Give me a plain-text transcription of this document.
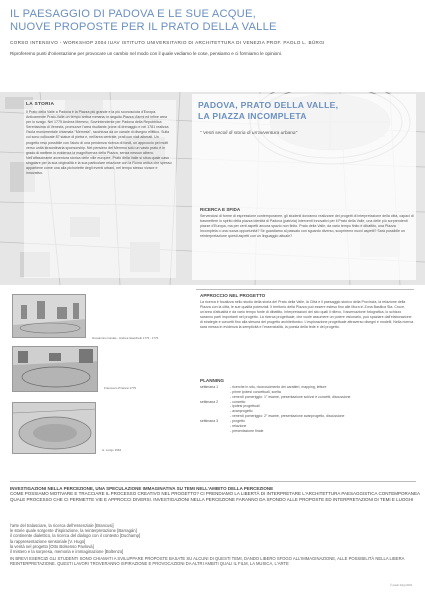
IL PAESAGGIO DI PADOVA E LE SUE ACQUE,
NUOVE PROPOSTE PER IL PRATO DELLA VALLE
CORSO INTENSIVO - WORKSHOP 2004 IUAV ISTITUTO UNIVERSITARIO DI ARCHITETTURA DI VENEZIA PROF. PAOLO L. BÜRGI
Riproferemo punti d'orientazione per provocare un cambio nel modo con il quale vediamo le cose, pensiamo e ci formiamo le opinioni.
LA STORIA
Il Prato della Valle a Padova è la Piazza più grande e la più sconosciuta d'Europa. Anticamente Prato-Valle-un tempo antica romana, in seguito Piazza d'armi ed infine area per lo svago. Nel 1775 Andrea Memmo, Sovrintendente per Padova della Repubblica Serenissima di Venezia, promuove l'area risultante (zone di drenaggio e nel 1781 realizza l'Isola monumentale chiamata "Memmia", racchiusa da un canale di disegno ellittico. Sulla cui sono collocate 87 statue di pietra e, nell'area centrale, prati con viali alberati. Un progetto reso possibile con l'aiuto di una pendenza ricerca di fondi, un approccio pei molti verso unità straordinaria sponsorship. Nel pensiero del Memmo solo un vasto prato è in grado di mettere in evidenza la magnificenza della Piazza, senza nessun albero. Nell'affascinante avventura storica delle ville europee, Prato della Valle si situa quale caso singolare per la sua originalità e la sua particolare relazione con la Roma antica che spesso appartiene come una alla pichoriette degli eventi urbani, nel tempo stesso vivace e innovativo.
PADOVA, PRATO DELLA VALLE,
LA PIAZZA INCOMPLETA
" Venti secoli di storia di un'avventura urbana"
RICERCA E SFIDA
Servendosi di forme di espressione contemporanee, gli studenti dovranno realizzare dei progetti di interpretazione della città, capaci di trasmettere lo spirito della piazza identità di Padova (patrizia) interventi innovativi per il Prato della Valle, una delle più sorprendenti piazze d'Europa, ma per certi aspetti ancora spazio non finito. Prato della Valle, da vario tempo finito è dibattito, una Piazza Incompleta o una nuova opportunità? Se guardiamo al passato con sguardo diverso, scopriremo nuovi aspetti? Sarà possibile un reinterpretazione questi aspetti con un linguaggio attuale?
Giovannino Canale - Andrea Giacchetti 1776 - 1776
Francesco Piranesi 1775
G. Lorigo 1964
APPROCCIO NEL PROGETTO
La ricerca è focalizza nello studio della storia del Prato della Valle, la Città e il paesaggio storico della Provincia, la relazione della Piazza con la città, le sue qualità potenziali. Il territorio della Piazza può essere esteso fino alle Mura in Zona Basilica Sta. Croce, un'area d'attualità e da vario tempo fonte di dibattito. Interpretazioni del sito quali il rilievo, l'osservazione fotografica, lo schizzo saranno parti importanti nel progetto. La ricerca progettuale, che vuole assumere un potere visionario, può spaziare dall'elaborazione di strategie e concetti fino alla stesura del progetto architettonico. L'esplorazione progettuale attraverso disegni e modelli. Nella ricerca sarà messa in evidenza la semplicità e l'essenzialità, la poesia della fede e del progetto.
PLANNING
settimana 1	- ricerche in situ, riconoscimento dei caratteri, mapping, letture
- prime ipotesi concettuali, scelta
- venerdì pomeriggio: 1° esame, presentazione schizzi e concetti, discussione
settimana 2	- concetto
- ipotesi progettuali
- avanprogetto
- venerdì pomeriggio: 2° esame, presentazione avanprogetto, discussione
settimana 3	- progetto
- relazione
- presentazione finale
INVESTIGAZIONI NELLA PERCEZIONE, UNA SPECULAZIONE IMMAGINATIVA SU TEMI NELL'AMBITO DELLA PERCEZIONE
COME POSSIAMO MOTIVARE E TRACCIARE IL PROCESSO CREATIVO NEL PROGETTO? CI PRENDIAMO LA LIBERTÀ DI INTERPRETARE L'ARCHITETTURA PAESAGGISTICA CONTEMPORANEA QUALE PROCESSO CHE CI PERMETTE VIE E APPROCCI DIVERSI. INVESTIGAZIONI NELLA PERCEZIONE FARANNO DA SFONDO ALLE PROPOSTE ED INTERPRETAZIONI DI TEMI E LUOGHI
l'arte del tralasciare, la ricerca dell'essenziale [Brancusi]
le storie quale sorgente d'ispirazione, la reinterpretazione [Barragán]
il continente dialettico, la ricerca del dialogo con il contesto [Duchamp]
la rappresentazione sensoriale [V. Hugo]
la verità nel progetto [Otto Bolsenso Pavlovà]
il mistero e la sorpresa, memoria e immaginazione [Boltenzo]
IN BREVI ESERCIZI GLI STUDENTI SONO CHIAMATI A SVILUPPARE PROPOSTE BASATE SU ALCUNI DI QUESTI TEMI, DANDO LIBERO SFOGO ALL'IMMAGINAZIONE, ALLE POSSIBILITÀ NELLA LIBERA REINTERPRETAZIONE. QUESTI LAVORI TROVERANNO ISPIRAZIONE E PROVOCAZIONI DA ALTRI AMBITI QUALI IL FILM, LA MUSICA, L'ARTE
© paolo bürgi 2004
